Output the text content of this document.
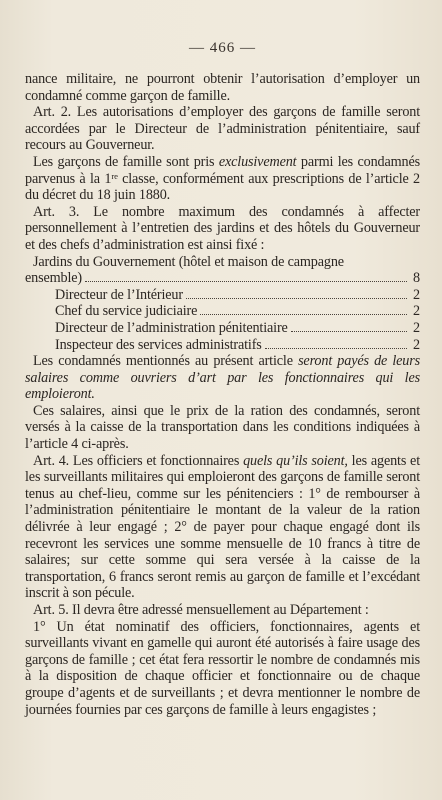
— 466 —

nance militaire, ne pourront obtenir l’autorisation d’employer un condamné comme garçon de famille.

Art. 2. Les autorisations d’employer des garçons de famille seront accordées par le Directeur de l’administration pénitentiaire, sauf recours au Gouverneur.

Les garçons de famille sont pris exclusivement parmi les condamnés parvenus à la 1ʳᵉ classe, conformément aux prescriptions de l’article 2 du décret du 18 juin 1880.

Art. 3. Le nombre maximum des condamnés à affecter personnellement à l’entretien des jardins et des hôtels du Gouverneur et des chefs d’administration est ainsi fixé :

Jardins du Gouvernement (hôtel et maison de campagne

ensemble)	8
Directeur de l’Intérieur	2
Chef du service judiciaire	2
Directeur de l’administration pénitentiaire	2
Inspecteur des services administratifs	2

Les condamnés mentionnés au présent article seront payés de leurs salaires comme ouvriers d’art par les fonctionnaires qui les emploieront.

Ces salaires, ainsi que le prix de la ration des condamnés, seront versés à la caisse de la transportation dans les conditions indiquées à l’article 4 ci-après.

Art. 4. Les officiers et fonctionnaires quels qu’ils soient, les agents et les surveillants militaires qui emploieront des garçons de famille seront tenus au chef-lieu, comme sur les pénitenciers : 1° de rembourser à l’administration pénitentiaire le montant de la valeur de la ration délivrée à leur engagé ; 2° de payer pour chaque engagé dont ils recevront les services une somme mensuelle de 10 francs à titre de salaires; sur cette somme qui sera versée à la caisse de la transportation, 6 francs seront remis au garçon de famille et l’excédant inscrit à son pécule.

Art. 5. Il devra être adressé mensuellement au Département :

1° Un état nominatif des officiers, fonctionnaires, agents et surveillants vivant en gamelle qui auront été autorisés à faire usage des garçons de famille ; cet état fera ressortir le nombre de condamnés mis à la disposition de chaque officier et fonctionnaire ou de chaque groupe d’agents et de surveillants ; et devra mentionner le nombre de journées fournies par ces garçons de famille à leurs engagistes ;
